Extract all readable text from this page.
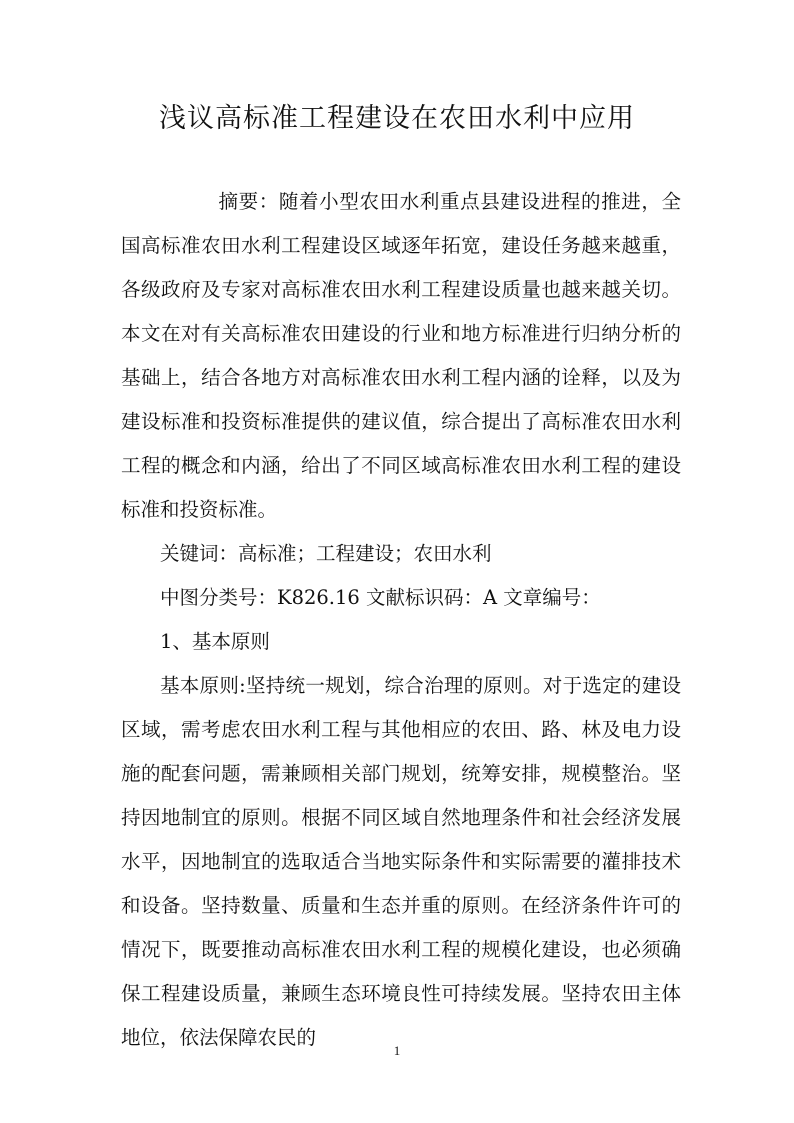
浅议高标准工程建设在农田水利中应用

摘要：随着小型农田水利重点县建设进程的推进，全国高标准农田水利工程建设区域逐年拓宽，建设任务越来越重，各级政府及专家对高标准农田水利工程建设质量也越来越关切。本文在对有关高标准农田建设的行业和地方标准进行归纳分析的基础上，结合各地方对高标准农田水利工程内涵的诠释，以及为建设标准和投资标准提供的建议值，综合提出了高标准农田水利工程的概念和内涵，给出了不同区域高标准农田水利工程的建设标准和投资标准。

关键词：高标准；工程建设；农田水利

中图分类号：K826.16 文献标识码：A 文章编号：

1、基本原则

基本原则:坚持统一规划，综合治理的原则。对于选定的建设区域，需考虑农田水利工程与其他相应的农田、路、林及电力设施的配套问题，需兼顾相关部门规划，统筹安排，规模整治。坚持因地制宜的原则。根据不同区域自然地理条件和社会经济发展水平，因地制宜的选取适合当地实际条件和实际需要的灌排技术和设备。坚持数量、质量和生态并重的原则。在经济条件许可的情况下，既要推动高标准农田水利工程的规模化建设，也必须确保工程建设质量，兼顾生态环境良性可持续发展。坚持农田主体地位，依法保障农民的

1
